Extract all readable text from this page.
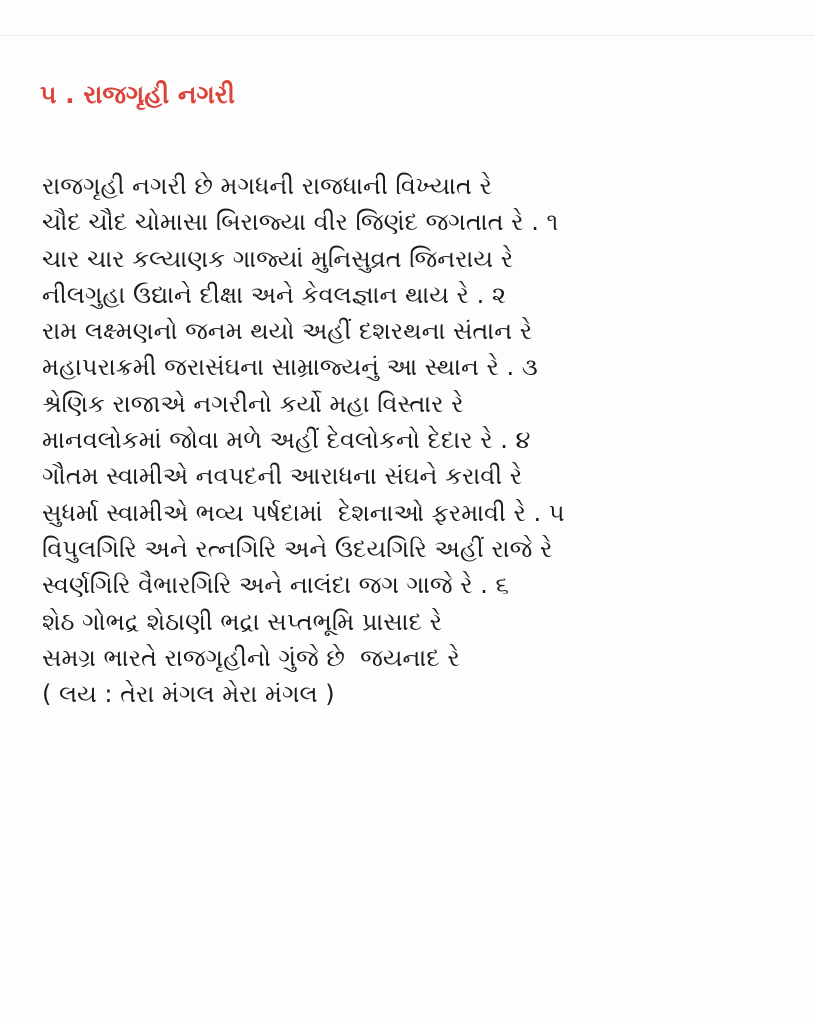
૫ . રાજગૃહી નગરી
રાજગૃહી નગરી છે મગધની રાજધાની વિખ્યાત રે
ચૌદ ચૌદ ચોમાસા બિરાજ્યા વીર જિણંદ જગતાત રે . ૧
ચાર ચાર કલ્યાણક ગાજ્યાં મુનિસુવ્રત જિનરાય રે
નીલગુહા ઉદ્યાને દીક્ષા અને કેવલજ્ઞાન થાય રે . ૨
રામ લક્ષ્મણનો જનમ થયો અહીં દશરથના સંતાન રે
મહાપરાક્રમી જરાસંઘના સામ્રાજ્યનું આ સ્થાન રે . ૩
શ્રેણિક રાજાએ નગરીનો કર્યો મહા વિસ્તાર રે
માનવલોકમાં જોવા મળે અહીં દેવલોકનો દેદાર રે . ૪
ગૌતમ સ્વામીએ નવપદની આરાધના સંઘને કરાવી રે
સુધર્મા સ્વામીએ ભવ્ય પર્ષદામાં  દેશનાઓ ફરમાવી રે . ૫
વિપુલગિરિ અને રત્નગિરિ અને ઉદયગિરિ અહીં રાજે રે
સ્વર્ણગિરિ વૈભારગિરિ અને નાલંદા જગ ગાજે રે . ૬
શેઠ ગોભદ્ર શેઠાણી ભદ્રા સપ્તભૂમિ પ્રાસાદ રે
સમગ્ર ભારતે રાજગૃહીનો ગુંજે છે  જયનાદ રે
( લય : તેરા મંગલ મેરા મંગલ )
